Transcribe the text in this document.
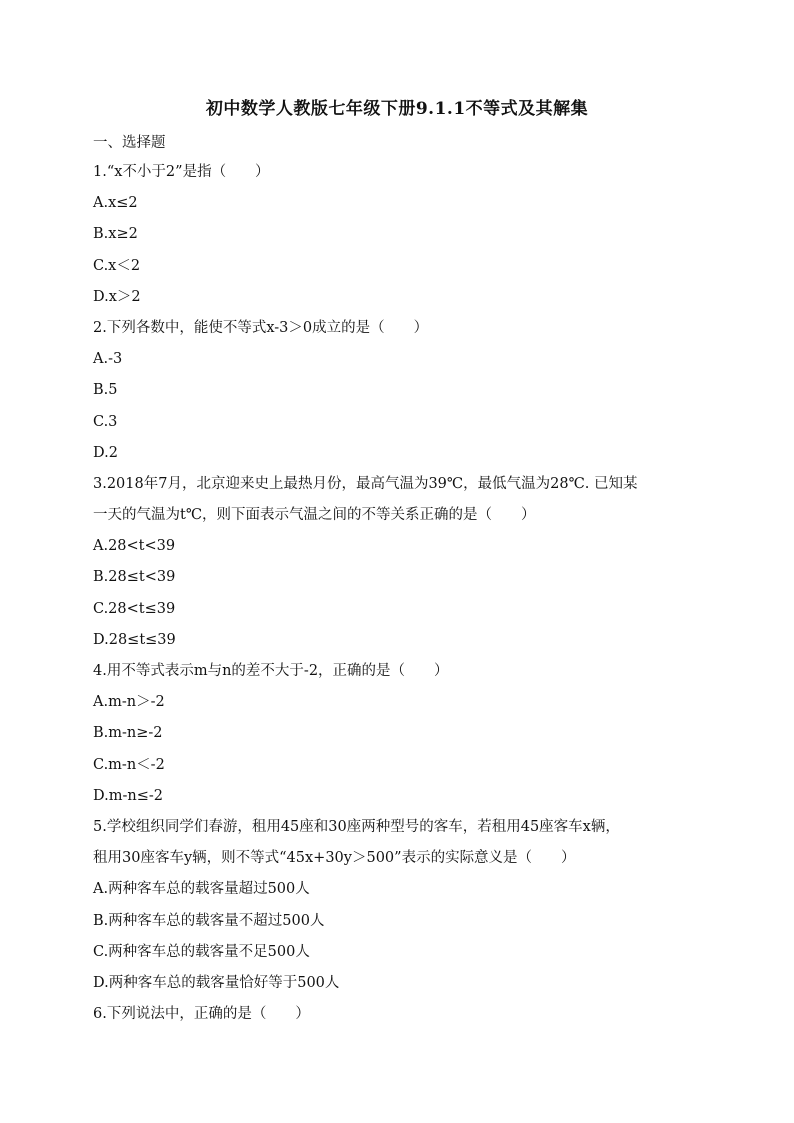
初中数学人教版七年级下册9.1.1不等式及其解集
一、选择题
1.“x不小于2”是指（　　）
A.x≤2
B.x≥2
C.x＜2
D.x＞2
2.下列各数中，能使不等式x-3＞0成立的是（　　）
A.-3
B.5
C.3
D.2
3.2018年7月，北京迎来史上最热月份，最高气温为39℃，最低气温为28℃. 已知某
一天的气温为t℃，则下面表示气温之间的不等关系正确的是（　　）
A.28<t<39
B.28≤t<39
C.28<t≤39
D.28≤t≤39
4.用不等式表示m与n的差不大于-2，正确的是（　　）
A.m-n＞-2
B.m-n≥-2
C.m-n＜-2
D.m-n≤-2
5.学校组织同学们春游，租用45座和30座两种型号的客车，若租用45座客车x辆，
租用30座客车y辆，则不等式“45x+30y＞500”表示的实际意义是（　　）
A.两种客车总的载客量超过500人
B.两种客车总的载客量不超过500人
C.两种客车总的载客量不足500人
D.两种客车总的载客量恰好等于500人
6.下列说法中，正确的是（　　）
